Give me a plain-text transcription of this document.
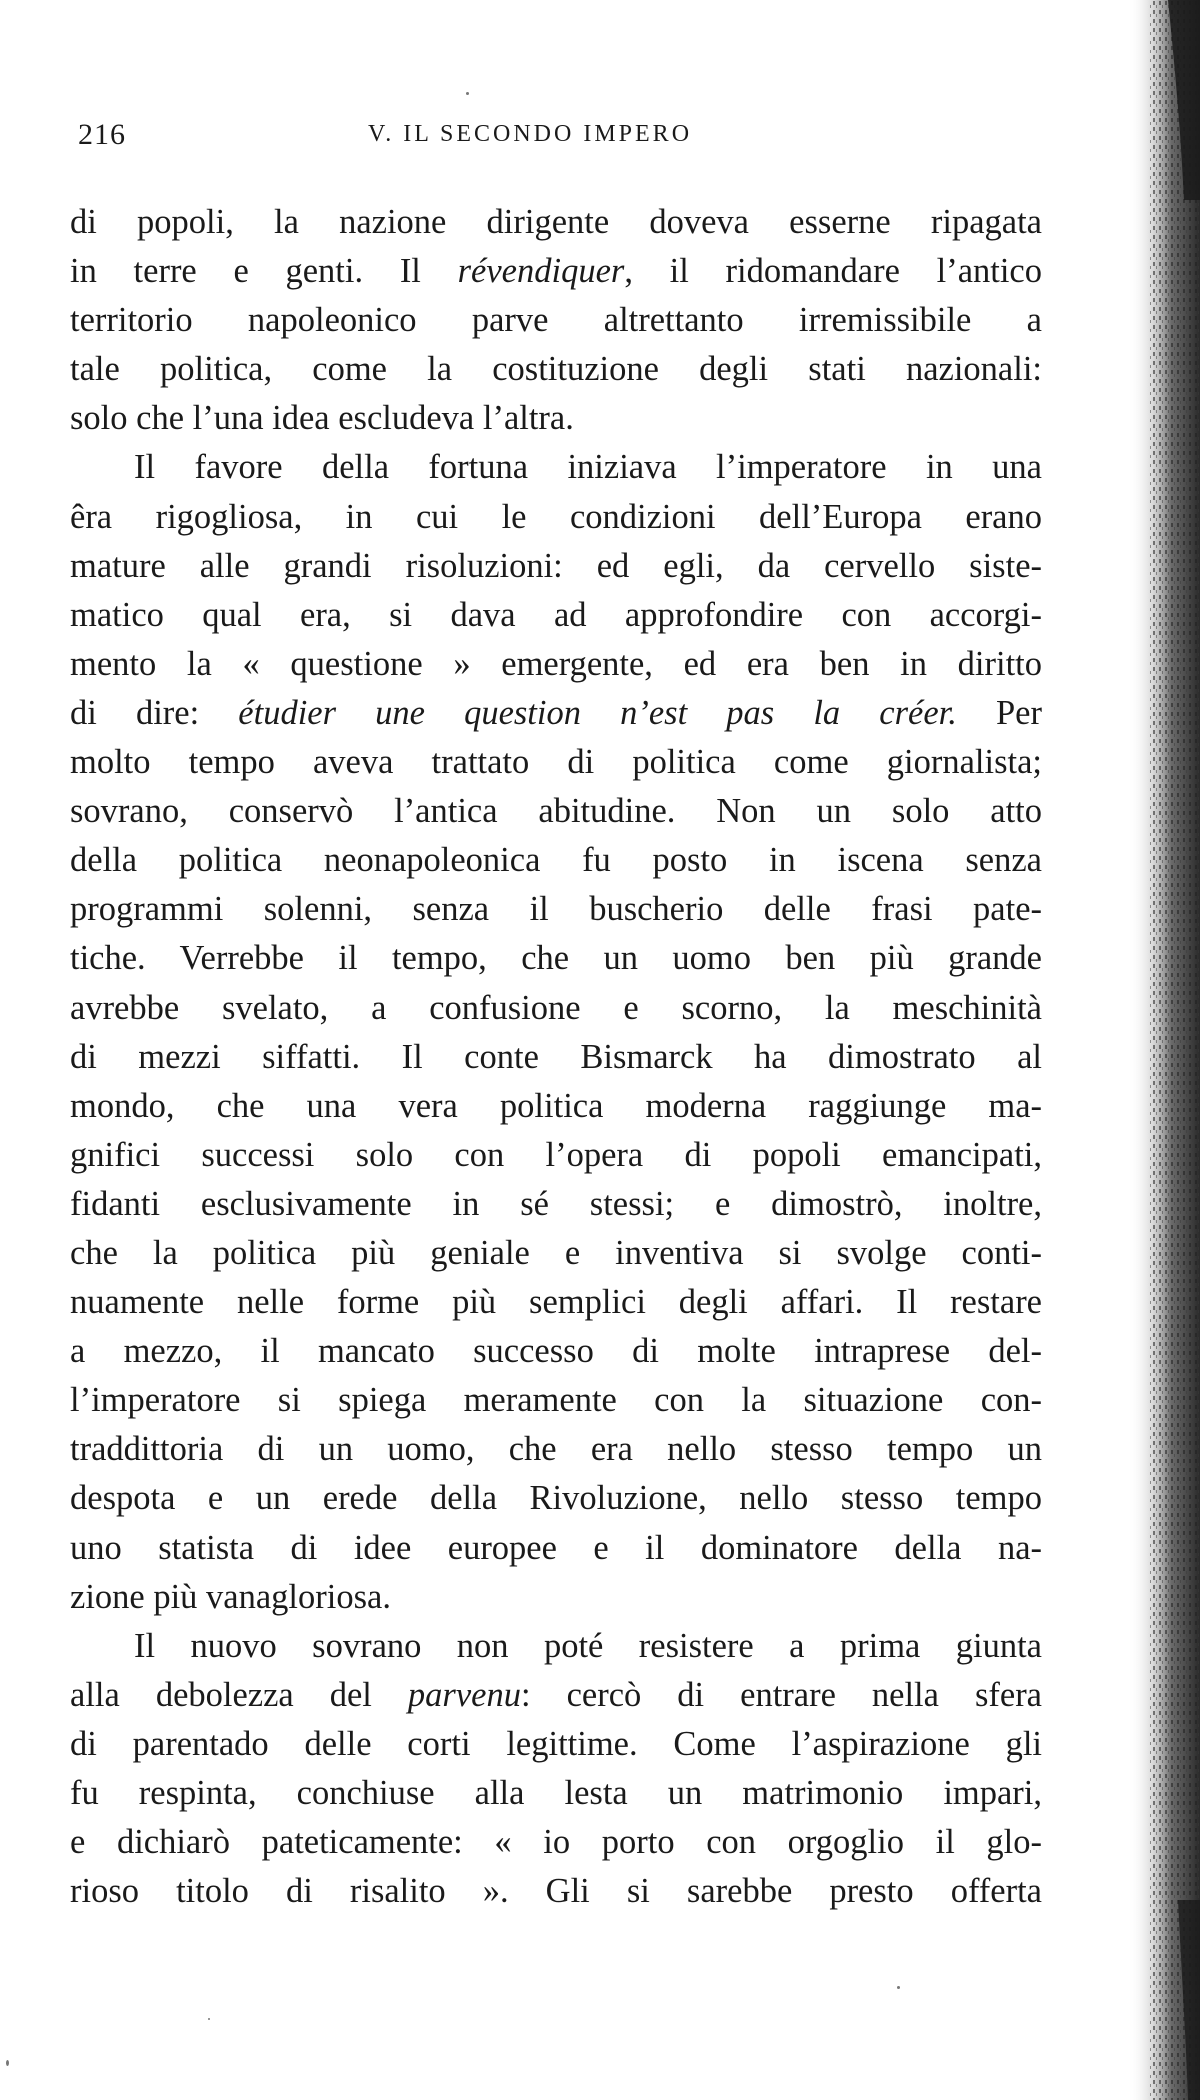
216	V. IL SECONDO IMPERO
di popoli, la nazione dirigente doveva esserne ripagata
in terre e genti. Il révendiquer, il ridomandare l’antico
territorio napoleonico parve altrettanto irremissibile a
tale politica, come la costituzione degli stati nazionali:
solo che l’una idea escludeva l’altra.
Il favore della fortuna iniziava l’imperatore in una
êra rigogliosa, in cui le condizioni dell’Europa erano
mature alle grandi risoluzioni: ed egli, da cervello siste-
matico qual era, si dava ad approfondire con accorgi-
mento la « questione » emergente, ed era ben in diritto
di dire: étudier une question n’est pas la créer. Per
molto tempo aveva trattato di politica come giornalista;
sovrano, conservò l’antica abitudine. Non un solo atto
della politica neonapoleonica fu posto in iscena senza
programmi solenni, senza il buscherio delle frasi pate-
tiche. Verrebbe il tempo, che un uomo ben più grande
avrebbe svelato, a confusione e scorno, la meschinità
di mezzi siffatti. Il conte Bismarck ha dimostrato al
mondo, che una vera politica moderna raggiunge ma-
gnifici successi solo con l’opera di popoli emancipati,
fidanti esclusivamente in sé stessi; e dimostrò, inoltre,
che la politica più geniale e inventiva si svolge conti-
nuamente nelle forme più semplici degli affari. Il restare
a mezzo, il mancato successo di molte intraprese del-
l’imperatore si spiega meramente con la situazione con-
traddittoria di un uomo, che era nello stesso tempo un
despota e un erede della Rivoluzione, nello stesso tempo
uno statista di idee europee e il dominatore della na-
zione più vanagloriosa.
Il nuovo sovrano non poté resistere a prima giunta
alla debolezza del parvenu: cercò di entrare nella sfera
di parentado delle corti legittime. Come l’aspirazione gli
fu respinta, conchiuse alla lesta un matrimonio impari,
e dichiarò pateticamente: « io porto con orgoglio il glo-
rioso titolo di risalito ». Gli si sarebbe presto offerta
